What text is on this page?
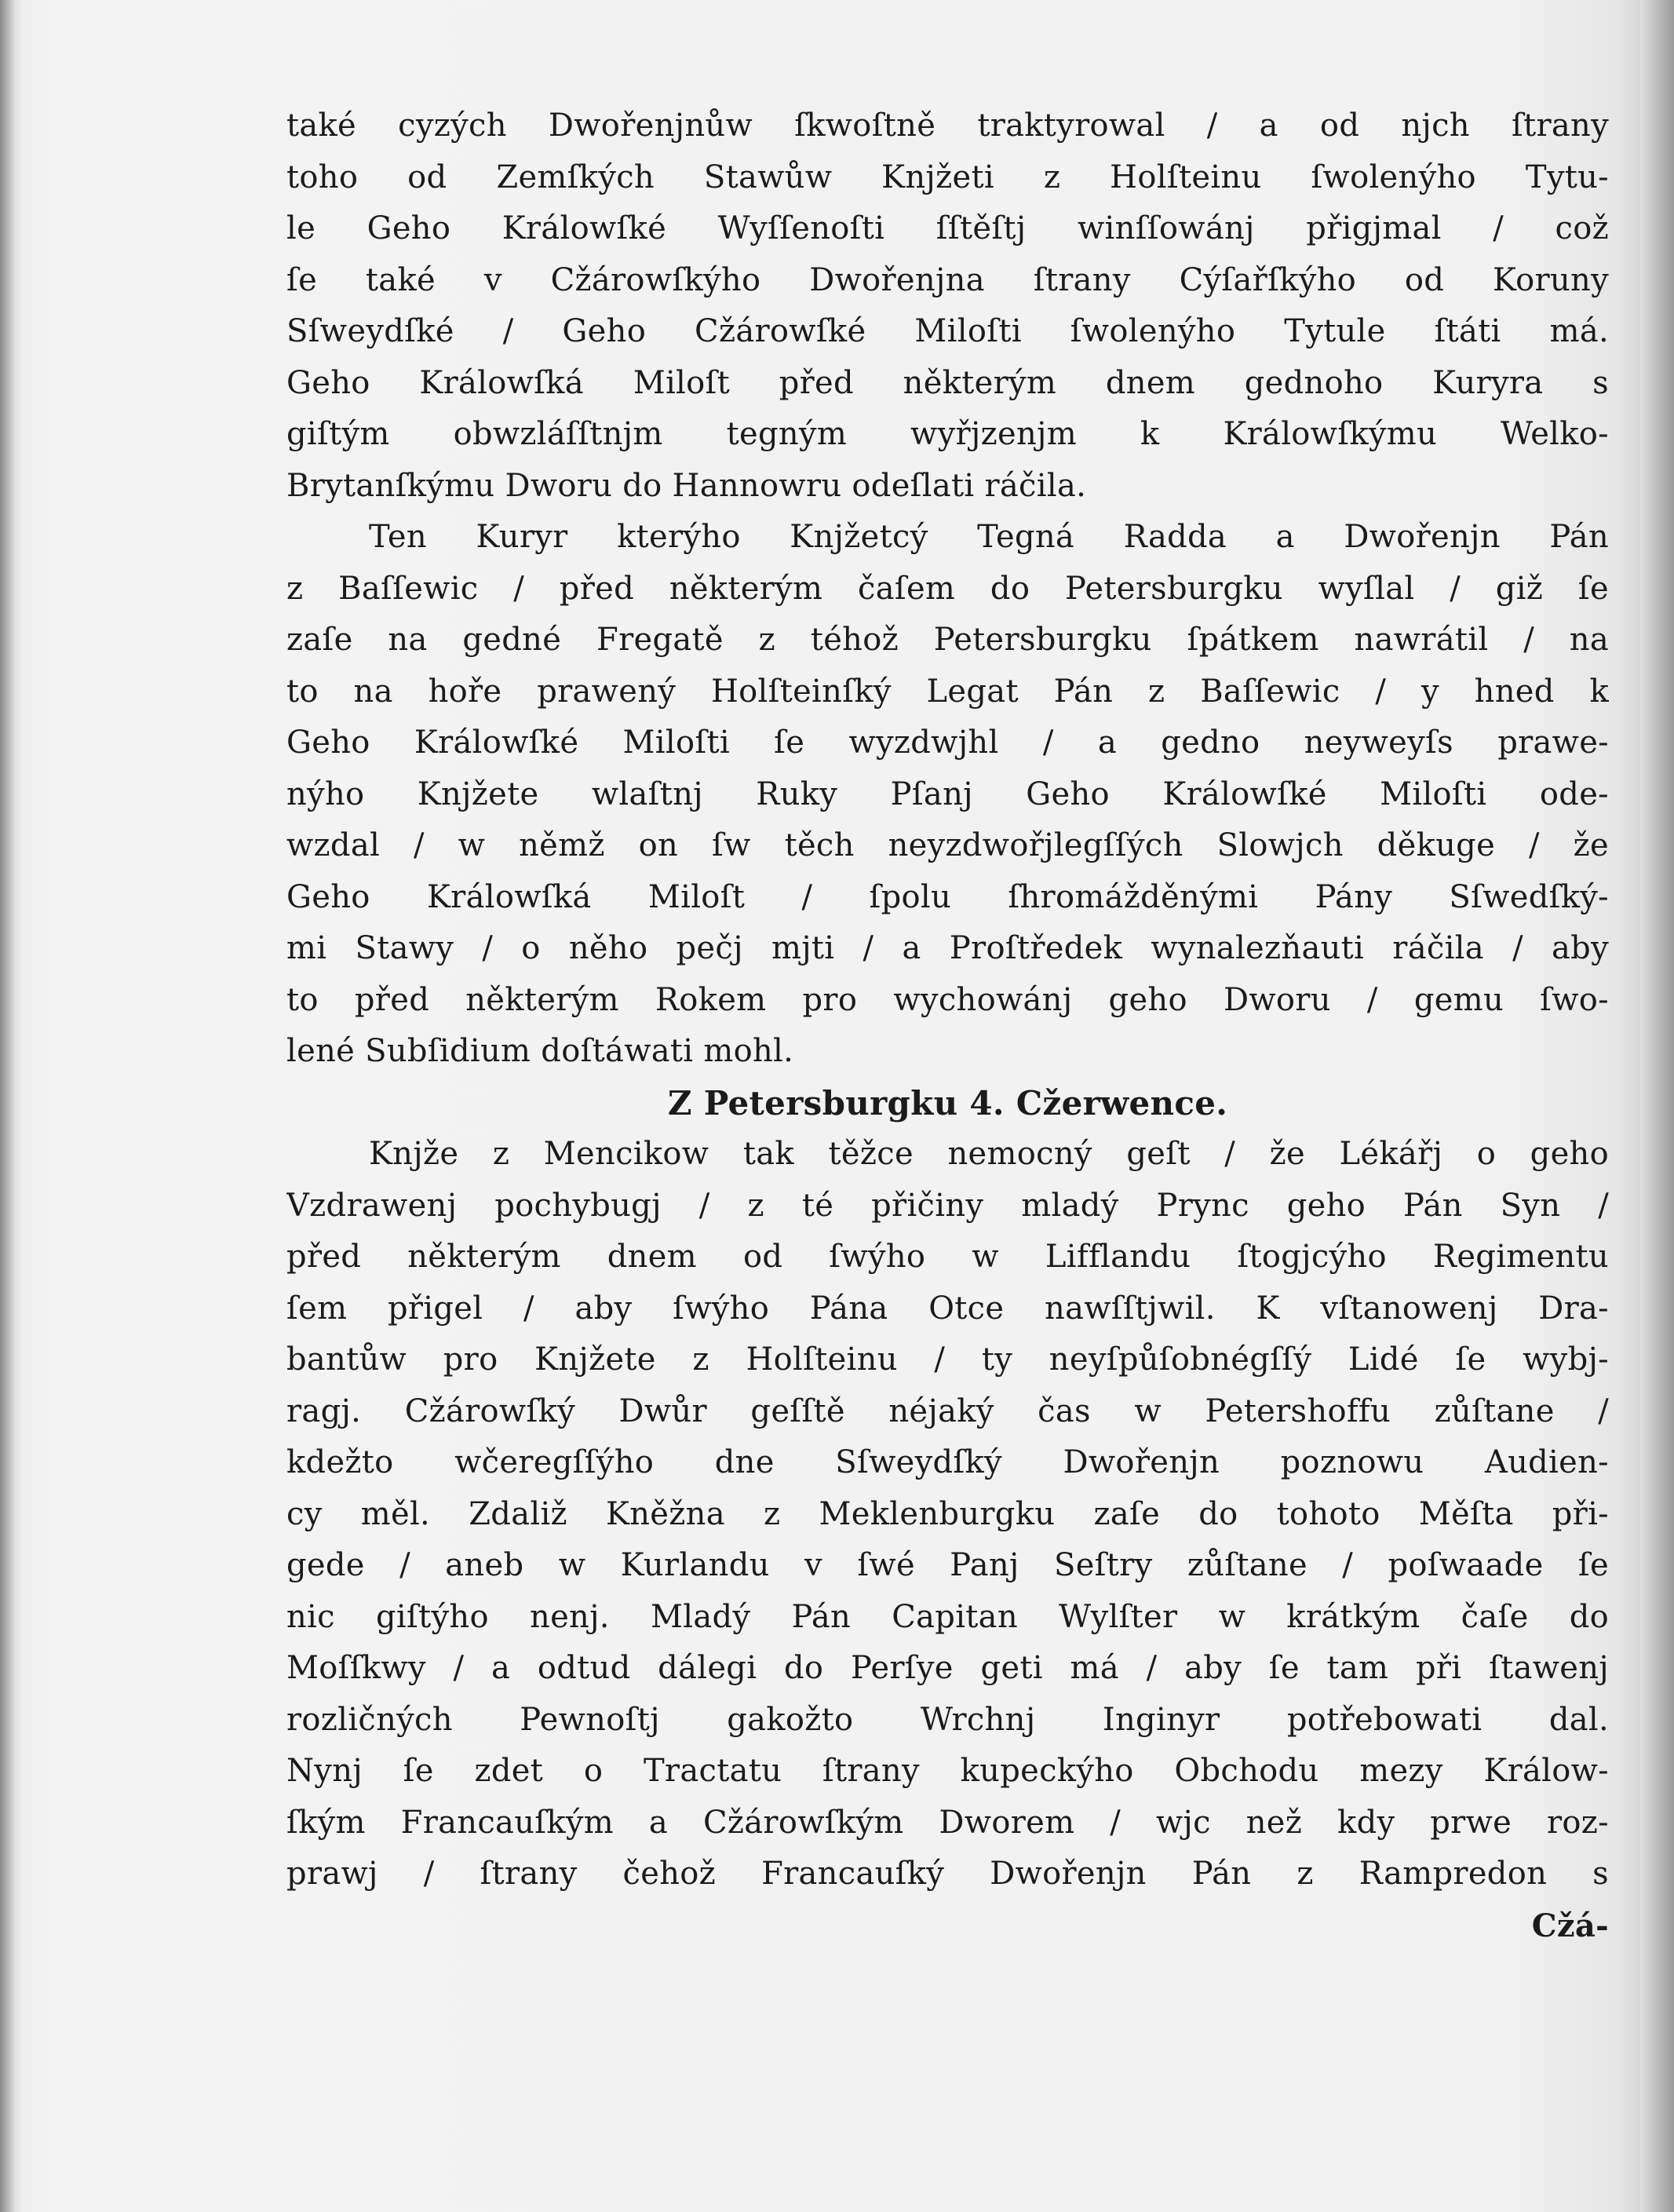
také cyzých Dwořenjnůw ſkwoſtně traktyrowal / a od njch ſtrany
toho od Zemſkých Stawůw Knjžeti z Holſteinu ſwolenýho Tytu-
le Geho Králowſké Wyſſenoſti ſſtěſtj winſſowánj přigjmal / což
ſe také v Cžárowſkýho Dwořenjna ſtrany Cýſařſkýho od Koruny
Sſweydſké / Geho Cžárowſké Miloſti ſwolenýho Tytule ſtáti má.
Geho Králowſká Miloſt před některým dnem gednoho Kuryra s
giſtým obwzláſſtnjm tegným wyřjzenjm k Králowſkýmu Welko-
Brytanſkýmu Dworu do Hannowru odeſlati ráčila.
Ten Kuryr kterýho Knjžetcý Tegná Radda a Dwořenjn Pán
z Baſſewic / před některým čaſem do Petersburgku wyſlal / giž ſe
zaſe na gedné Fregatě z téhož Petersburgku ſpátkem nawrátil / na
to na hoře prawený Holſteinſký Legat Pán z Baſſewic / y hned k
Geho Králowſké Miloſti ſe wyzdwjhl / a gedno neyweyſs prawe-
nýho Knjžete wlaſtnj Ruky Pſanj Geho Králowſké Miloſti ode-
wzdal / w němž on ſw těch neyzdwořjlegſſých Slowjch děkuge / že
Geho Králowſká Miloſt / ſpolu ſhromážděnými Pány Sſwedſký-
mi Stawy / o něho pečj mjti / a Proſtředek wynalezňauti ráčila / aby
to před některým Rokem pro wychowánj geho Dworu / gemu ſwo-
lené Subſidium doſtáwati mohl.
Z Petersburgku 4. Cžerwence.
Knjže z Mencikow tak těžce nemocný geſt / že Lékářj o geho
Vzdrawenj pochybugj / z té přičiny mladý Prync geho Pán Syn /
před některým dnem od ſwýho w Lifflandu ſtogjcýho Regimentu
ſem přigel / aby ſwýho Pána Otce nawſſtjwil. K vſtanowenj Dra-
bantůw pro Knjžete z Holſteinu / ty neyſpůſobnégſſý Lidé ſe wybj-
ragj. Cžárowſký Dwůr geſſtě néjaký čas w Petershoffu zůſtane /
kdežto wčeregſſýho dne Sſweydſký Dwořenjn poznowu Audien-
cy měl. Zdaliž Kněžna z Meklenburgku zaſe do tohoto Měſta při-
gede / aneb w Kurlandu v ſwé Panj Seſtry zůſtane / poſwaade ſe
nic giſtýho nenj. Mladý Pán Capitan Wylſter w krátkým čaſe do
Moſſkwy / a odtud dálegi do Perſye geti má / aby ſe tam při ſtawenj
rozličných Pewnoſtj gakožto Wrchnj Inginyr potřebowati dal.
Nynj ſe zdet o Tractatu ſtrany kupeckýho Obchodu mezy Králow-
ſkým Francauſkým a Cžárowſkým Dworem / wjc než kdy prwe roz-
prawj / ſtrany čehož Francauſký Dwořenjn Pán z Rampredon s
Cžá-
